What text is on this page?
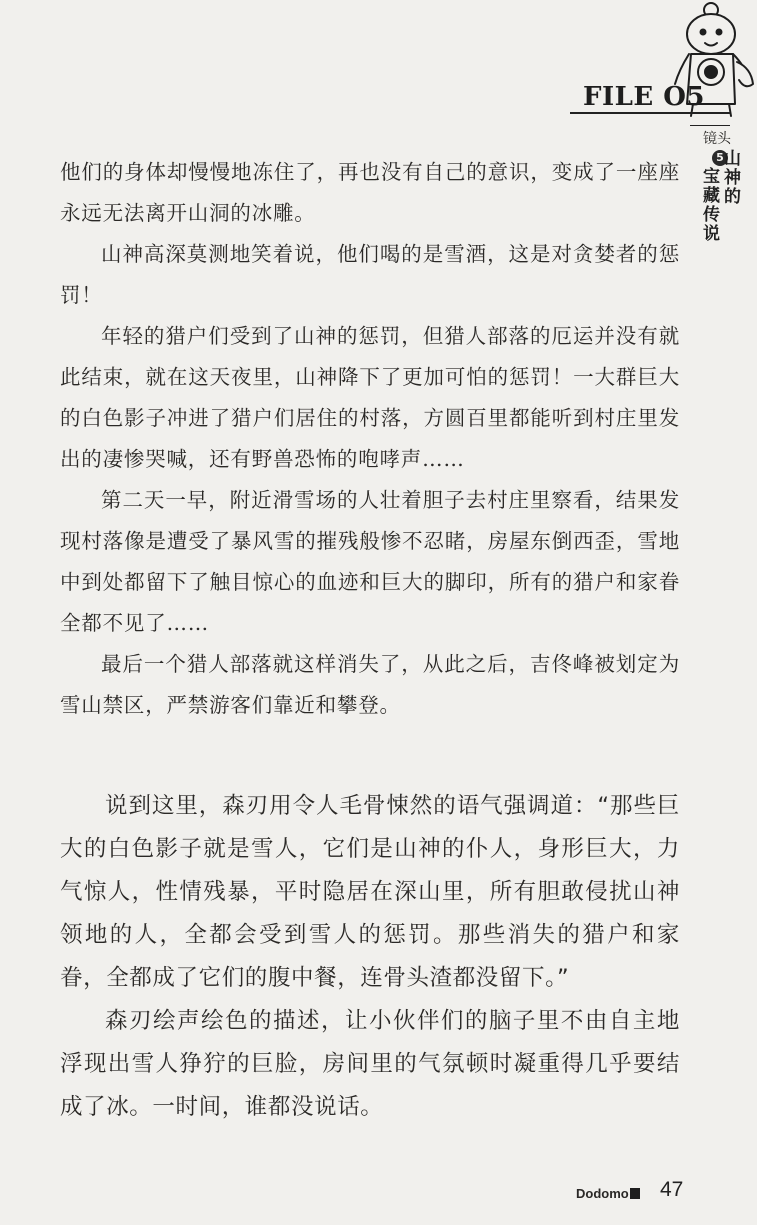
FILE O5
镜头
5
宝藏传说
山神的

他们的身体却慢慢地冻住了，再也没有自己的意识，变成了一座座永远无法离开山洞的冰雕。

山神高深莫测地笑着说，他们喝的是雪酒，这是对贪婪者的惩罚！

年轻的猎户们受到了山神的惩罚，但猎人部落的厄运并没有就此结束，就在这天夜里，山神降下了更加可怕的惩罚！一大群巨大的白色影子冲进了猎户们居住的村落，方圆百里都能听到村庄里发出的凄惨哭喊，还有野兽恐怖的咆哮声……

第二天一早，附近滑雪场的人壮着胆子去村庄里察看，结果发现村落像是遭受了暴风雪的摧残般惨不忍睹，房屋东倒西歪，雪地中到处都留下了触目惊心的血迹和巨大的脚印，所有的猎户和家眷全都不见了……

最后一个猎人部落就这样消失了，从此之后，吉佟峰被划定为雪山禁区，严禁游客们靠近和攀登。

说到这里，森刃用令人毛骨悚然的语气强调道：“那些巨大的白色影子就是雪人，它们是山神的仆人，身形巨大，力气惊人，性情残暴，平时隐居在深山里，所有胆敢侵扰山神领地的人，全都会受到雪人的惩罚。那些消失的猎户和家眷，全都成了它们的腹中餐，连骨头渣都没留下。”

森刃绘声绘色的描述，让小伙伴们的脑子里不由自主地浮现出雪人狰狞的巨脸，房间里的气氛顿时凝重得几乎要结成了冰。一时间，谁都没说话。

Dodomo	47
